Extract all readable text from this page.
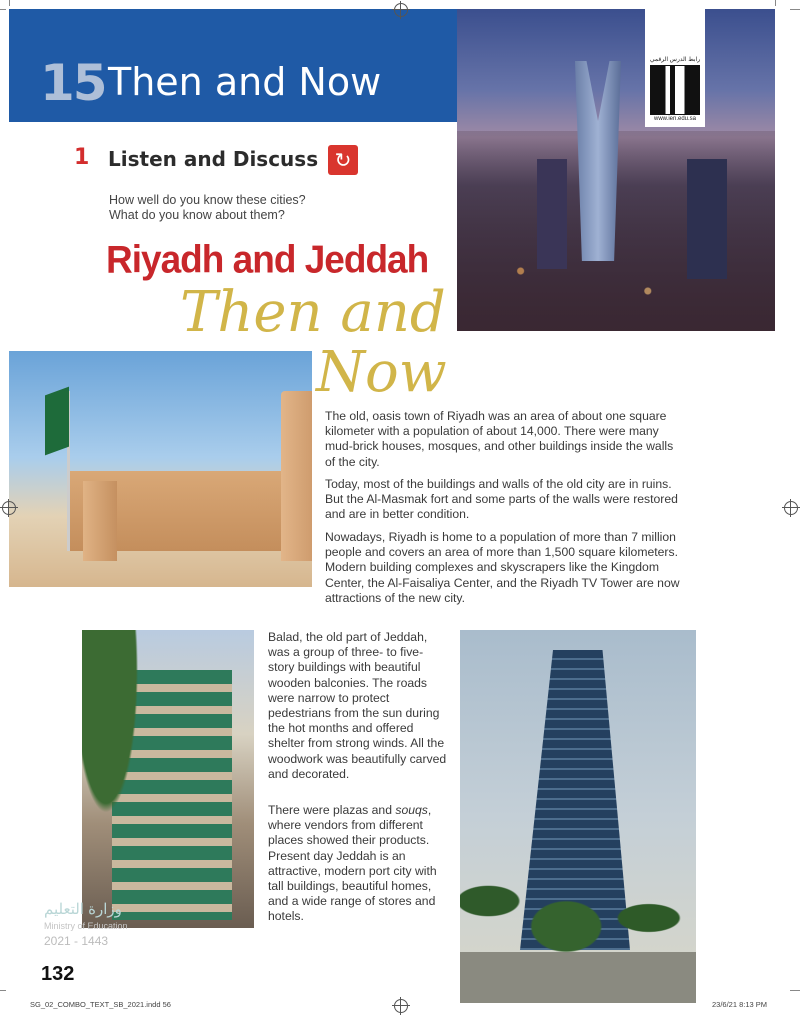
15 Then and Now	رابط الدرس الرقمي
www.ien.edu.sa
1 Listen and Discuss ↻
How well do you know these cities?
What do you know about them?
Riyadh and Jeddah
Then and
Now
The old, oasis town of Riyadh was an area of about one square kilometer with a population of about 14,000. There were many mud-brick houses, mosques, and other buildings inside the walls of the city.
Today, most of the buildings and walls of the old city are in ruins. But the Al-Masmak fort and some parts of the walls were restored and are in better condition.
Nowadays, Riyadh is home to a population of more than 7 million people and covers an area of more than 1,500 square kilometers. Modern building complexes and skyscrapers like the Kingdom Center, the Al-Faisaliya Center, and the Riyadh TV Tower are now attractions of the new city.
Balad, the old part of Jeddah, was a group of three- to five-story buildings with beautiful wooden balconies. The roads were narrow to protect pedestrians from the sun during the hot months and offered shelter from strong winds. All the woodwork was beautifully carved and decorated.
There were plazas and souqs, where vendors from different places showed their products. Present day Jeddah is an attractive, modern port city with tall buildings, beautiful homes, and a wide range of stores and hotels.
وزارة التعليم
Ministry of Education
2021 - 1443
132
SG_02_COMBO_TEXT_SB_2021.indd 56	23/6/21 8:13 PM
